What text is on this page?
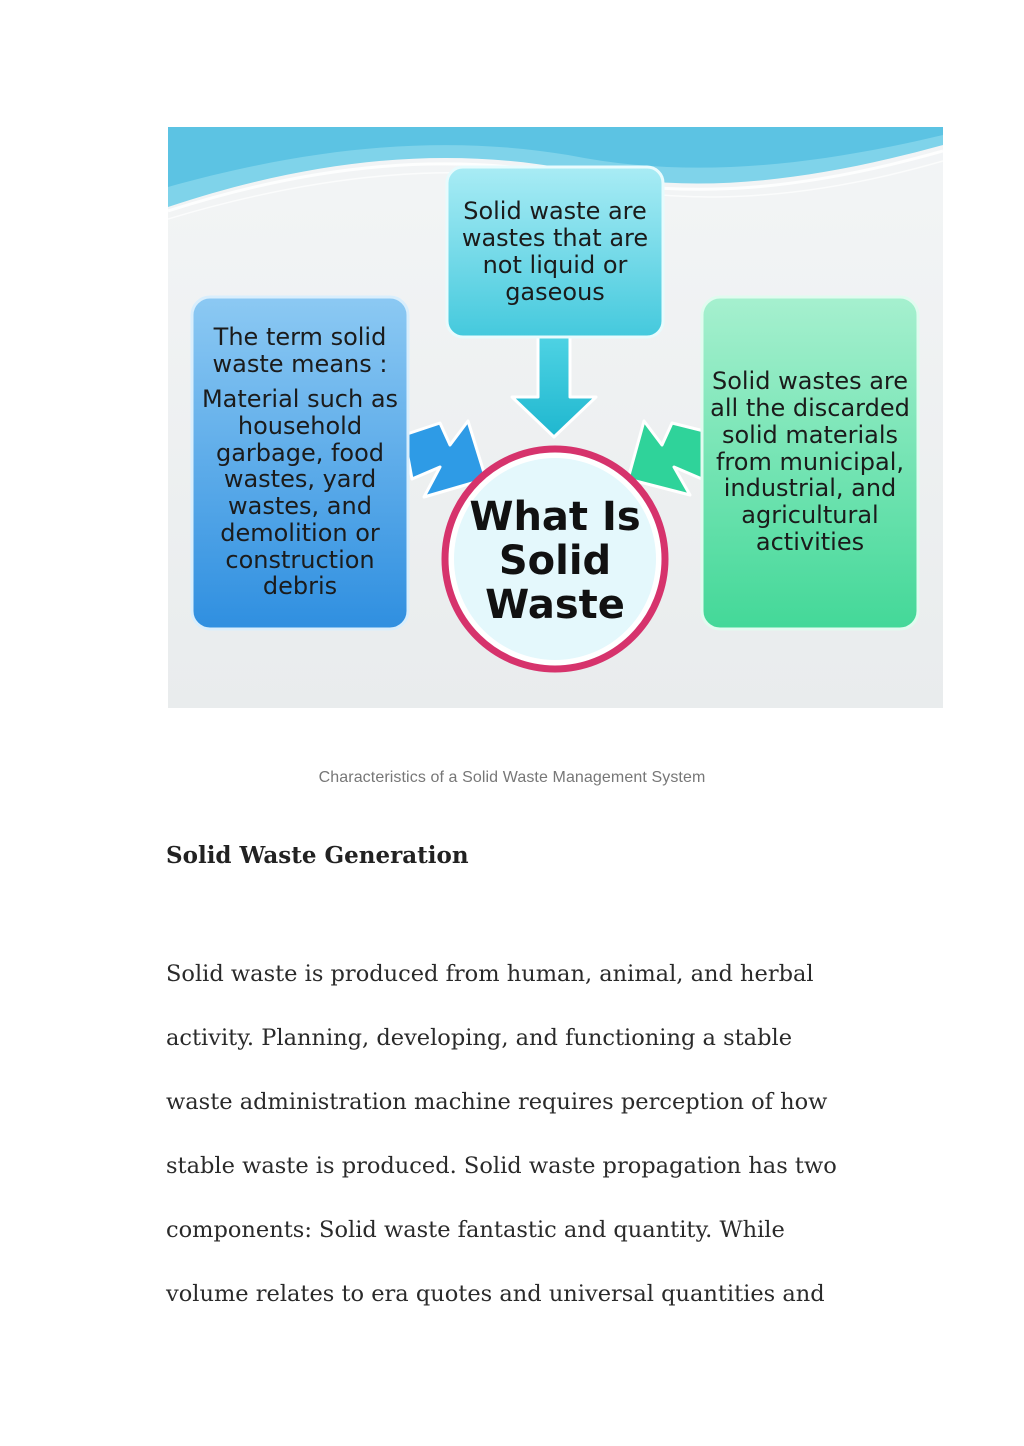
Solid waste are
wastes that are
not liquid or
gaseous
The term solid
waste means :
Material such as
household
garbage, food
wastes, yard
wastes, and
demolition or
construction
debris
Solid wastes are
all the discarded
solid materials
from municipal,
industrial, and
agricultural
activities
What Is
Solid
Waste
Characteristics of a Solid Waste Management System
Solid Waste Generation
Solid waste is produced from human, animal, and herbal
activity. Planning, developing, and functioning a stable
waste administration machine requires perception of how
stable waste is produced. Solid waste propagation has two
components: Solid waste fantastic and quantity. While
volume relates to era quotes and universal quantities and
